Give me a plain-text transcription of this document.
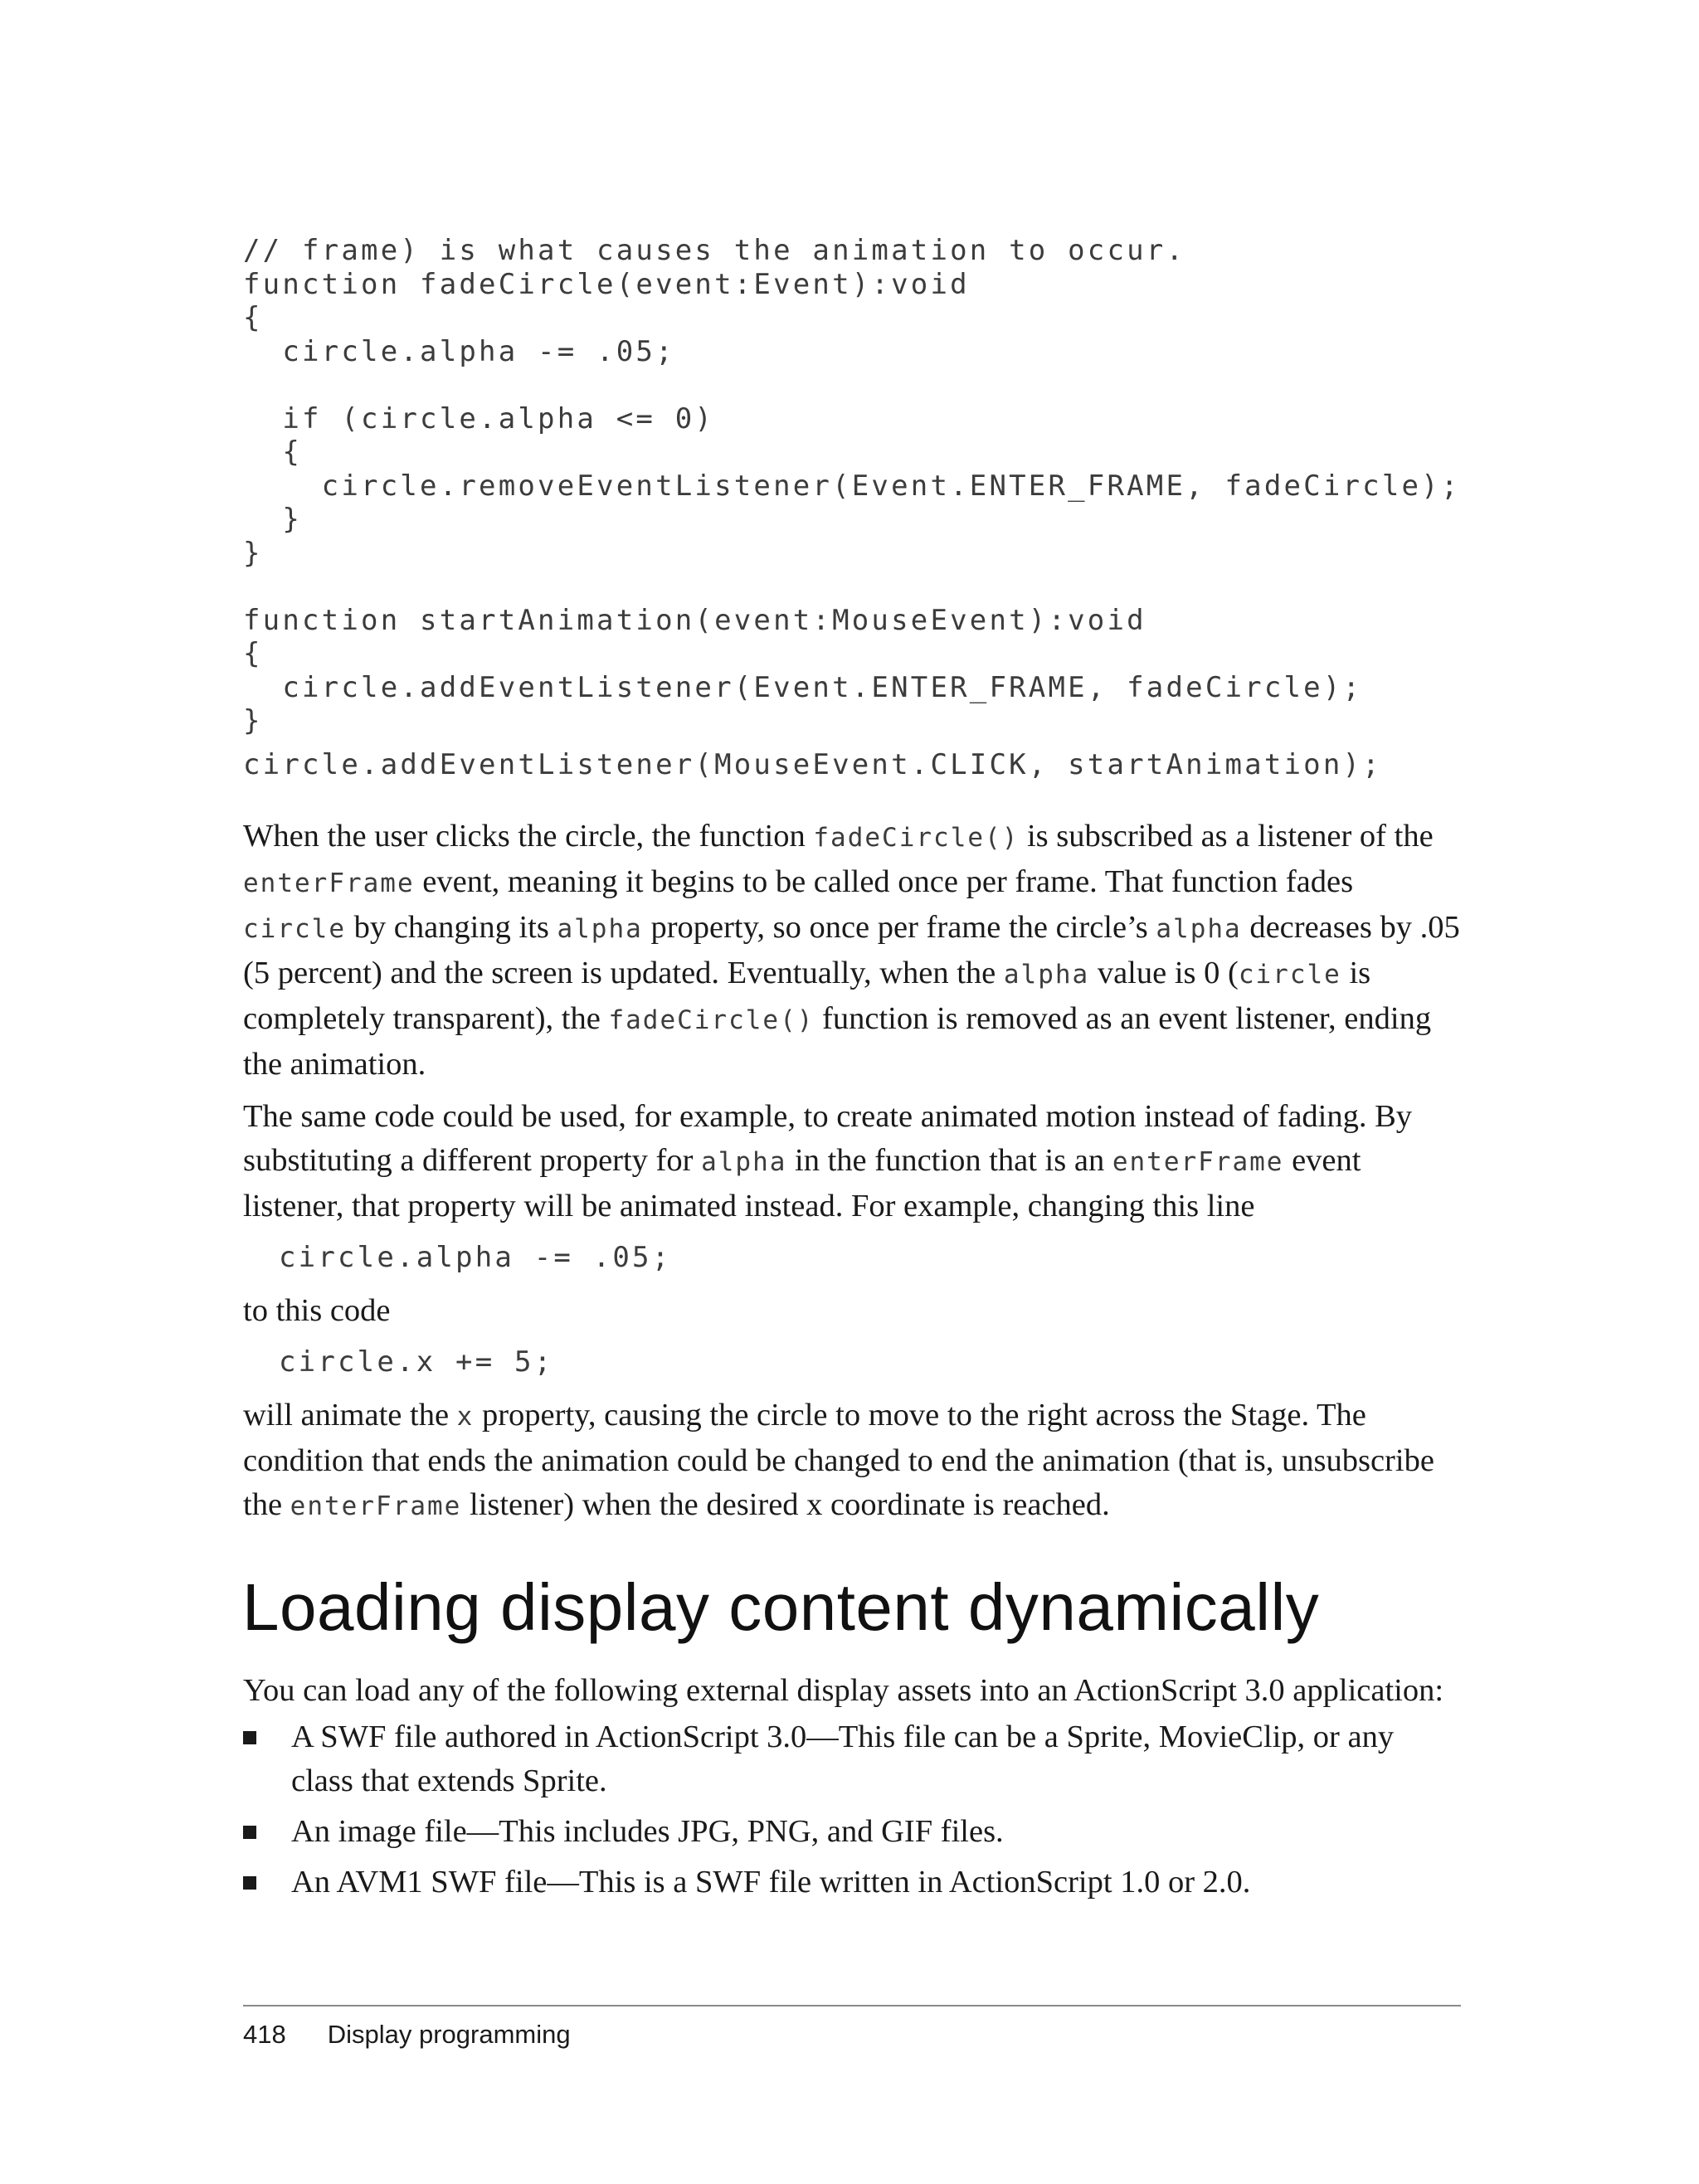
// frame) is what causes the animation to occur.
function fadeCircle(event:Event):void
{
circle.alpha -= .05;
if (circle.alpha <= 0)
{
circle.removeEventListener(Event.ENTER_FRAME, fadeCircle);
}
}
function startAnimation(event:MouseEvent):void
{
circle.addEventListener(Event.ENTER_FRAME, fadeCircle);
}
circle.addEventListener(MouseEvent.CLICK, startAnimation);

When the user clicks the circle, the function fadeCircle() is subscribed as a listener of the enterFrame event, meaning it begins to be called once per frame. That function fades circle by changing its alpha property, so once per frame the circle’s alpha decreases by .05 (5 percent) and the screen is updated. Eventually, when the alpha value is 0 (circle is completely transparent), the fadeCircle() function is removed as an event listener, ending the animation.

The same code could be used, for example, to create animated motion instead of fading. By substituting a different property for alpha in the function that is an enterFrame event listener, that property will be animated instead. For example, changing this line

circle.alpha -= .05;

to this code

circle.x += 5;

will animate the x property, causing the circle to move to the right across the Stage. The condition that ends the animation could be changed to end the animation (that is, unsubscribe the enterFrame listener) when the desired x coordinate is reached.

Loading display content dynamically

You can load any of the following external display assets into an ActionScript 3.0 application:

A SWF file authored in ActionScript 3.0—This file can be a Sprite, MovieClip, or any class that extends Sprite.
An image file—This includes JPG, PNG, and GIF files.
An AVM1 SWF file—This is a SWF file written in ActionScript 1.0 or 2.0.
418 Display programming
